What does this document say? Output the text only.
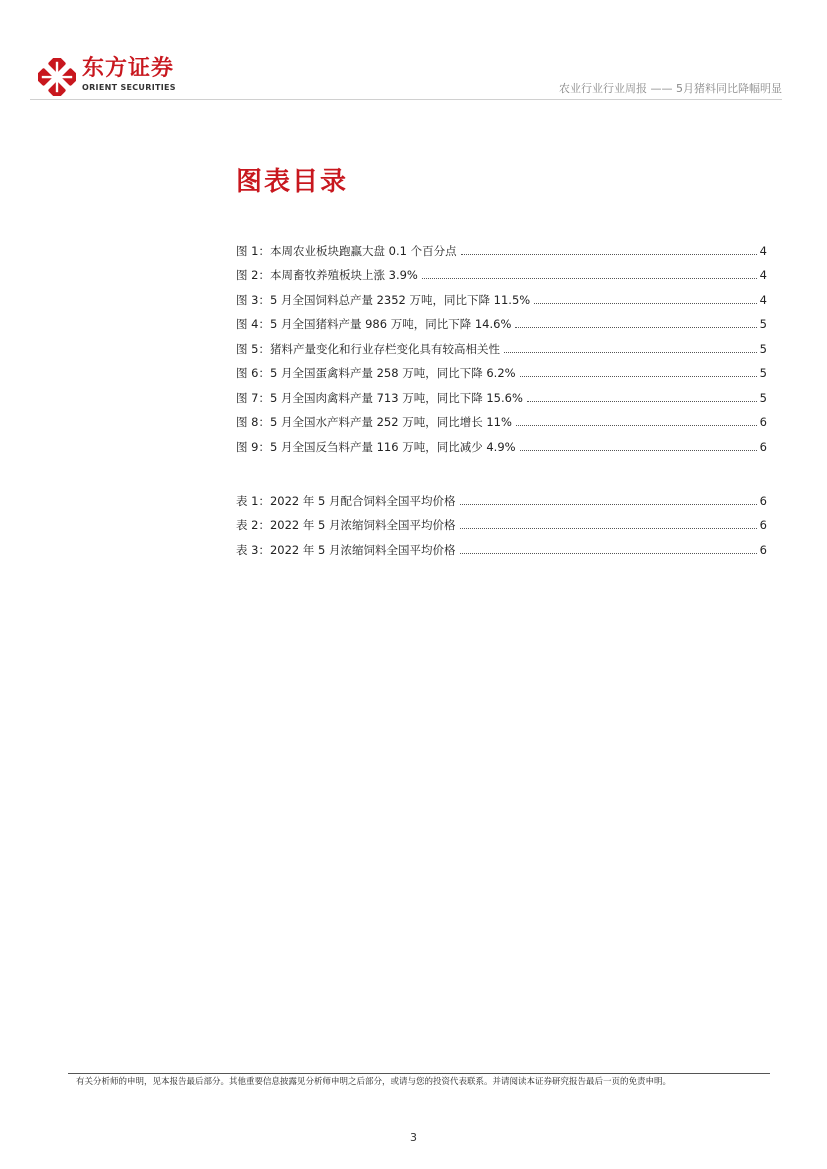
东方证券
ORIENT SECURITIES	农业行业行业周报 —— 5月猪料同比降幅明显
图表目录
图 1：本周农业板块跑赢大盘 0.1 个百分点	4
图 2：本周畜牧养殖板块上涨 3.9%	4
图 3：5 月全国饲料总产量 2352 万吨，同比下降 11.5%	4
图 4：5 月全国猪料产量 986 万吨，同比下降 14.6%	5
图 5：猪料产量变化和行业存栏变化具有较高相关性	5
图 6：5 月全国蛋禽料产量 258 万吨，同比下降 6.2%	5
图 7：5 月全国肉禽料产量 713 万吨，同比下降 15.6%	5
图 8：5 月全国水产料产量 252 万吨，同比增长 11%	6
图 9：5 月全国反刍料产量 116 万吨，同比减少 4.9%	6
表 1：2022 年 5 月配合饲料全国平均价格	6
表 2：2022 年 5 月浓缩饲料全国平均价格	6
表 3：2022 年 5 月浓缩饲料全国平均价格	6
有关分析师的申明，见本报告最后部分。其他重要信息披露见分析师申明之后部分，或请与您的投资代表联系。并请阅读本证券研究报告最后一页的免责申明。
3
